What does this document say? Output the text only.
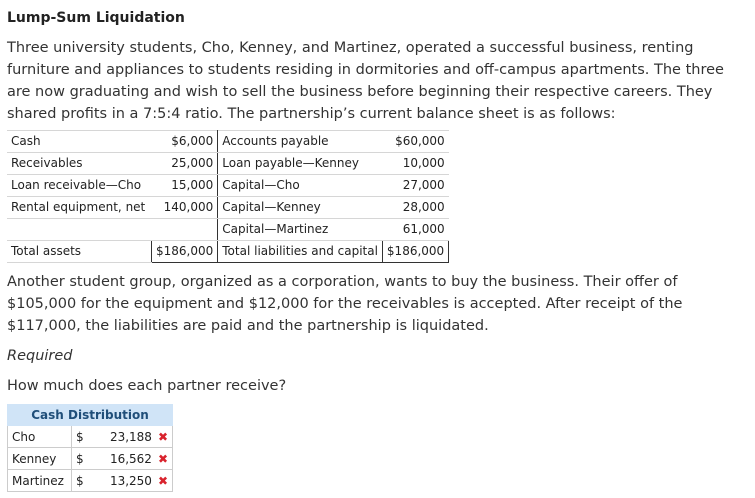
Lump-Sum Liquidation

Three university students, Cho, Kenney, and Martinez, operated a successful business, renting furniture and appliances to students residing in dormitories and off-campus apartments. The three are now graduating and wish to sell the business before beginning their respective careers. They shared profits in a 7:5:4 ratio. The partnership’s current balance sheet is as follows:

Cash	$6,000	Accounts payable	$60,000
Receivables	25,000	Loan payable—Kenney	10,000
Loan receivable—Cho	15,000	Capital—Cho	27,000
Rental equipment, net	140,000	Capital—Kenney	28,000
		Capital—Martinez	61,000
Total assets	$186,000	Total liabilities and capital	$186,000

Another student group, organized as a corporation, wants to buy the business. Their offer of $105,000 for the equipment and $12,000 for the receivables is accepted. After receipt of the $117,000, the liabilities are paid and the partnership is liquidated.

Required
How much does each partner receive?
Cash Distribution		
Cho	$	23,188 ✖
Kenney	$	16,562 ✖
Martinez	$	13,250 ✖
